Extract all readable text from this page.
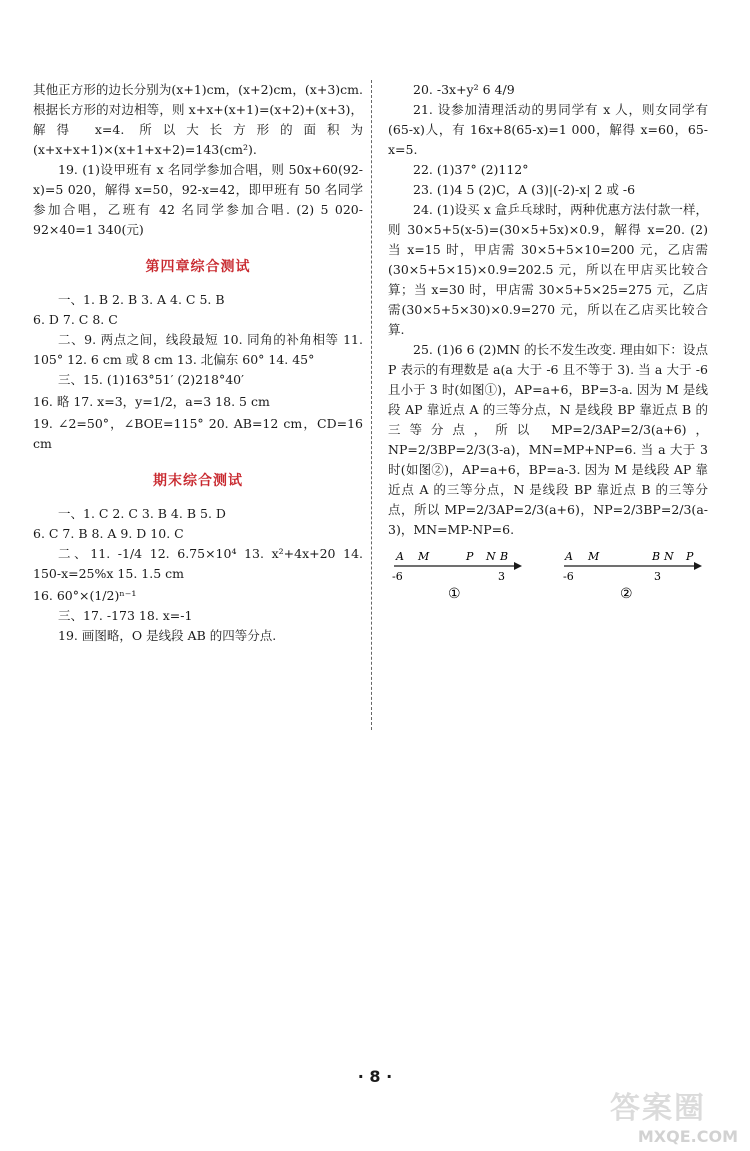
其他正方形的边长分别为(x+1)cm，(x+2)cm，(x+3)cm. 根据长方形的对边相等，则 x+x+(x+1)=(x+2)+(x+3)，解得 x=4. 所以大长方形的面积为(x+x+x+1)×(x+1+x+2)=143(cm²).

19. (1)设甲班有 x 名同学参加合唱，则 50x+60(92-x)=5 020，解得 x=50，92-x=42，即甲班有 50 名同学参加合唱，乙班有 42 名同学参加合唱. (2) 5 020-92×40=1 340(元)

第四章综合测试

一、1. B 2. B 3. A 4. C 5. B

6. D 7. C 8. C

二、9. 两点之间，线段最短 10. 同角的补角相等 11. 105° 12. 6 cm 或 8 cm 13. 北偏东 60° 14. 45°

三、15. (1)163°51′ (2)218°40′

16. 略 17. x=3，y=1/2，a=3 18. 5 cm

19. ∠2=50°，∠BOE=115° 20. AB=12 cm，CD=16 cm

期末综合测试

一、1. C 2. C 3. B 4. B 5. D

6. C 7. B 8. A 9. D 10. C

二、11. -1/4 12. 6.75×10⁴ 13. x²+4x+20 14. 150-x=25%x 15. 1.5 cm

16. 60°×(1/2)ⁿ⁻¹

三、17. -173 18. x=-1

19. 画图略，O 是线段 AB 的四等分点.

20. -3x+y² 6 4/9

21. 设参加清理活动的男同学有 x 人，则女同学有(65-x)人，有 16x+8(65-x)=1 000，解得 x=60，65-x=5.

22. (1)37° (2)112°

23. (1)4 5 (2)C，A (3)|(-2)-x| 2 或 -6

24. (1)设买 x 盒乒乓球时，两种优惠方法付款一样，则 30×5+5(x-5)=(30×5+5x)×0.9，解得 x=20. (2)当 x=15 时，甲店需 30×5+5×10=200 元，乙店需(30×5+5×15)×0.9=202.5 元，所以在甲店买比较合算；当 x=30 时，甲店需 30×5+5×25=275 元，乙店需(30×5+5×30)×0.9=270 元，所以在乙店买比较合算.

25. (1)6 6 (2)MN 的长不发生改变. 理由如下：设点 P 表示的有理数是 a(a 大于 -6 且不等于 3). 当 a 大于 -6 且小于 3 时(如图①)，AP=a+6，BP=3-a. 因为 M 是线段 AP 靠近点 A 的三等分点，N 是线段 BP 靠近点 B 的三等分点，所以 MP=2/3AP=2/3(a+6)，NP=2/3BP=2/3(3-a)，MN=MP+NP=6. 当 a 大于 3 时(如图②)，AP=a+6，BP=a-3. 因为 M 是线段 AP 靠近点 A 的三等分点，N 是线段 BP 靠近点 B 的三等分点，所以 MP=2/3AP=2/3(a+6)，NP=2/3BP=2/3(a-3)，MN=MP-NP=6.

A M	P N B
-6	3
①
A M	B N P
-6	3
②
· 8 ·
答案圈
MXQE.COM
